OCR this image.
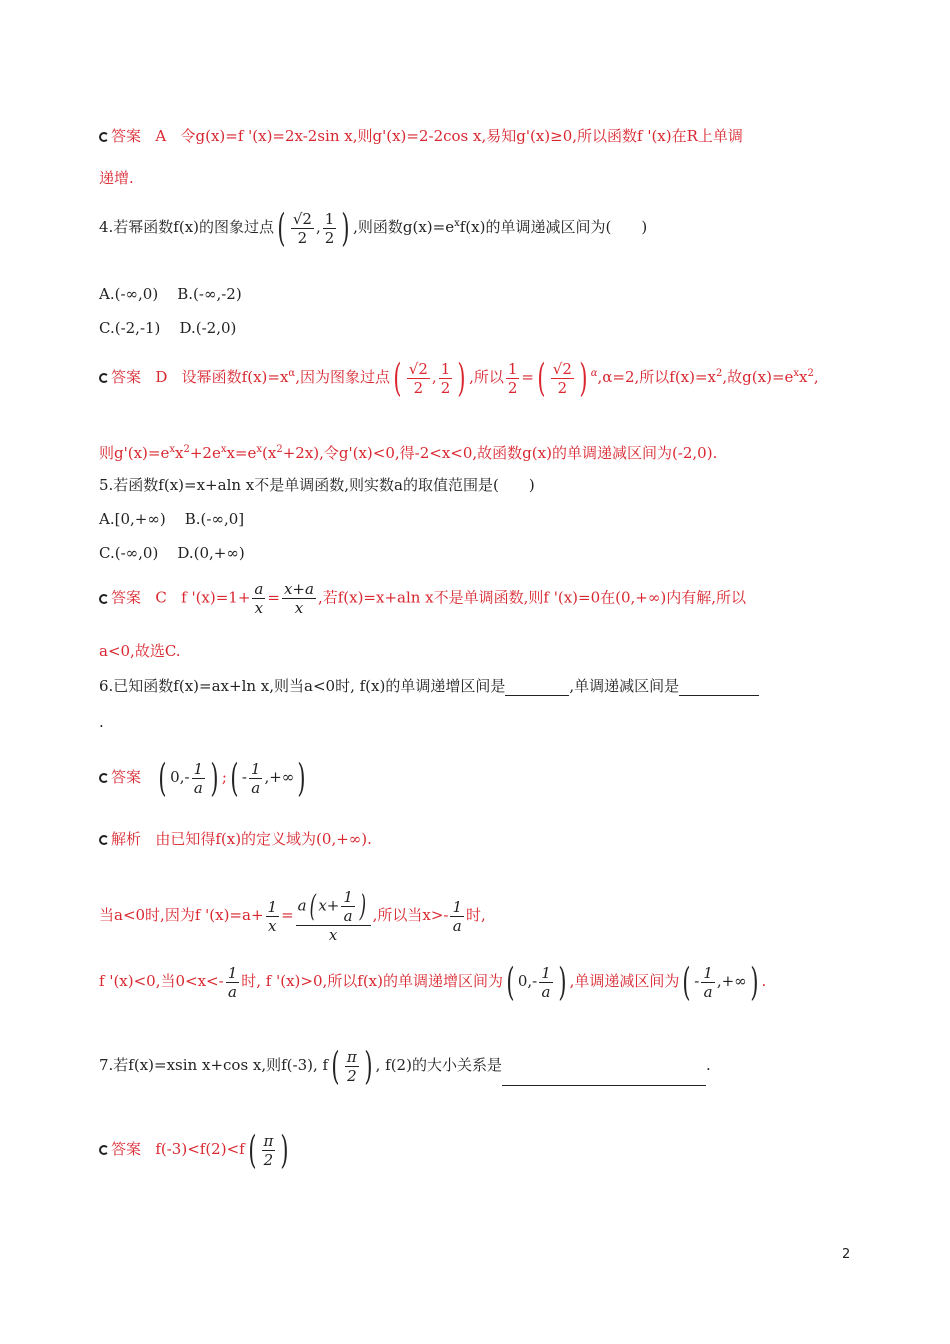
答案 A 令g(x)=f '(x)=2x-2sin x,则g'(x)=2-2cos x,易知g'(x)≥0,所以函数f '(x)在R上单调
递增.
4.若幂函数f(x)的图象过点( $\frac{√2}{2}$ , $\frac{1}{2}$ ) ,则函数$g(x)=e^xf(x)$的单调递减区间为(　　)
A.(-∞,0) B.(-∞,-2)
C.(-2,-1) D.(-2,0)
答案 D 设幂函数$f(x)=x^\alpha$,因为图象过点( $\frac{√2}{2}$ , $\frac{1}{2}$ ) ,所以 $\frac{1}{2}$ =( $\frac{√2}{2}$ ) $^\alpha$,α=2,所以$f(x)=x^2$,故$g(x)=e^xx^2$,
则$g'(x)=e^xx^2+2e^xx=e^x(x^2+2x)$,令g'(x)<0,得-2<x<0,故函数g(x)的单调递减区间为(-2,0).
5.若函数f(x)=x+aln x不是单调函数,则实数a的取值范围是(　　)
A.[0,+∞) B.(-∞,0]
C.(-∞,0) D.(0,+∞)
答案 C f '$(x)=1+ \frac{a}{x} = \frac{x+a}{x}$ ,若f(x)=x+aln x不是单调函数,则f '(x)=0在(0,+∞)内有解,所以
a<0,故选C.
6.已知函数f(x)=ax+ln x,则当a<0时, f(x)的单调递增区间是	,单调递减区间是
.
答案 ( $0,- \frac{1}{a}$ ) ;( - $\frac{1}{a}$ ,+∞)
解析 由已知得f(x)的定义域为(0,+∞).
当a<0时,因为f '$(x)=a+ \frac{1}{x} = \frac{a( x+ \frac{1}{a} )}{x}$ ,所以当$x>- \frac{1}{a}$ 时,
f '(x)<0,当$0<x<- \frac{1}{a}$ 时, f '(x)>0,所以f(x)的单调递增区间为( $0,- \frac{1}{a}$ ) ,单调递减区间为( - $\frac{1}{a}$ ,+∞) .
7.若f(x)=xsin x+cos x,则f(-3), $f( \frac{\pi}{2}$ ) , f(2)的大小关系是	.
答案 $f(-3)<f(2)<f( \frac{\pi}{2}$ )
2
